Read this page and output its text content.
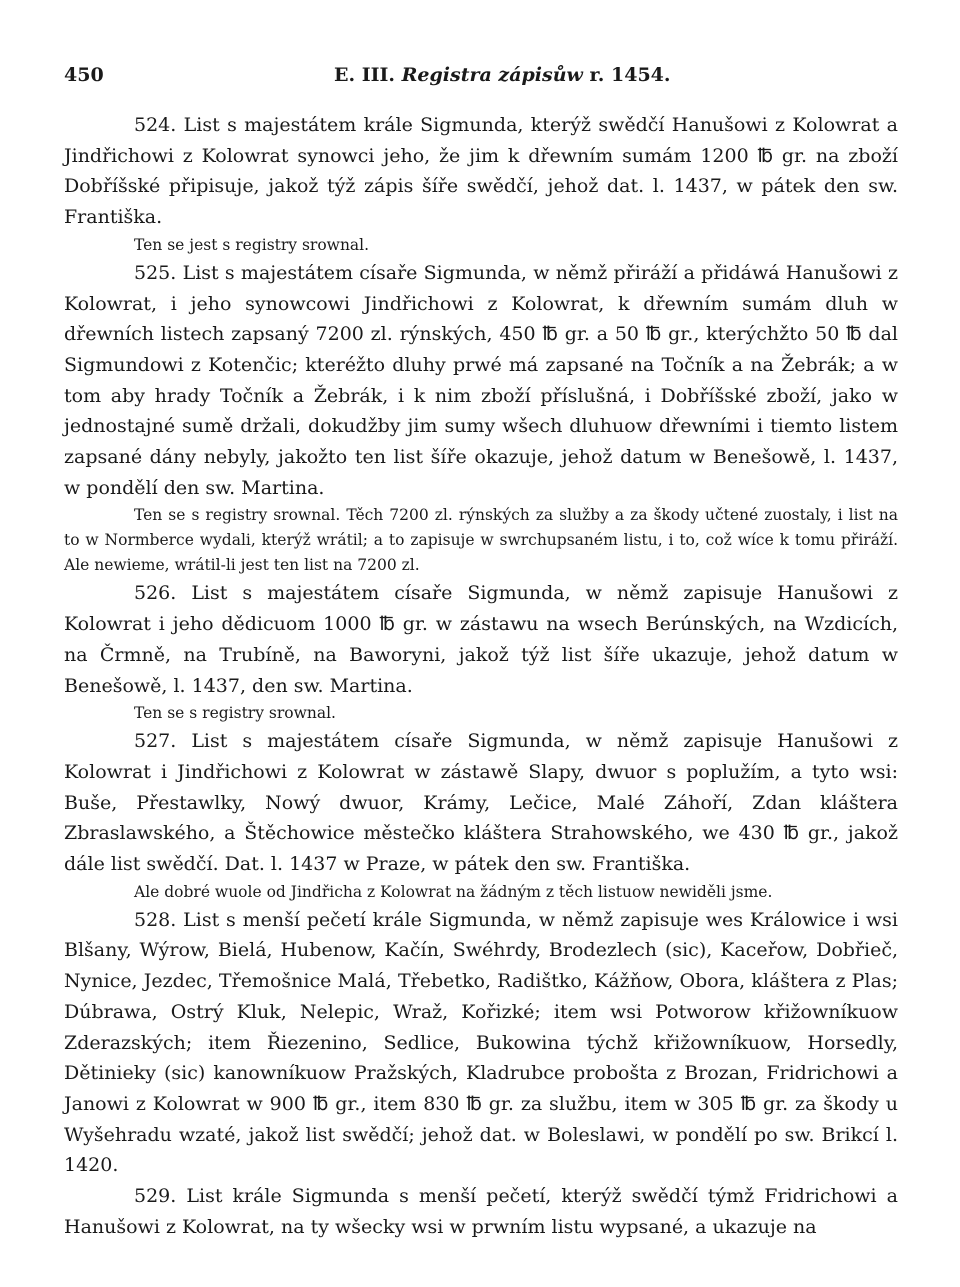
450	E. III. Registra zápisůw r. 1454.

524. List s majestátem krále Sigmunda, kterýž swědčí Hanušowi z Kolowrat a Jindřichowi z Kolowrat synowci jeho, že jim k dřewním sumám 1200 ℔ gr. na zboží Dobříšské připisuje, jakož týž zápis šíře swědčí, jehož dat. l. 1437, w pátek den sw. Františka.

Ten se jest s registry srownal.

525. List s majestátem císaře Sigmunda, w němž přiráží a přidáwá Hanušowi z Kolowrat, i jeho synowcowi Jindřichowi z Kolowrat, k dřewním sumám dluh w dřewních listech zapsaný 7200 zl. rýnských, 450 ℔ gr. a 50 ℔ gr., kterýchžto 50 ℔ dal Sigmundowi z Kotenčic; kteréžto dluhy prwé má zapsané na Točník a na Žebrák; a w tom aby hrady Točník a Žebrák, i k nim zboží příslušná, i Dobříšské zboží, jako w jednostajné sumě držali, dokudžby jim sumy wšech dluhuow dřewními i tiemto listem zapsané dány nebyly, jakožto ten list šíře okazuje, jehož datum w Benešowě, l. 1437, w pondělí den sw. Martina.

Ten se s registry srownal. Těch 7200 zl. rýnských za služby a za škody učtené zuostaly, i list na to w Normberce wydali, kterýž wrátil; a to zapisuje w swrchupsaném listu, i to, což wíce k tomu přiráží. Ale newieme, wrátil-li jest ten list na 7200 zl.

526. List s majestátem císaře Sigmunda, w němž zapisuje Hanušowi z Kolowrat i jeho dědicuom 1000 ℔ gr. w zástawu na wsech Berúnských, na Wzdicích, na Črmně, na Trubíně, na Baworyni, jakož týž list šíře ukazuje, jehož datum w Benešowě, l. 1437, den sw. Martina.

Ten se s registry srownal.

527. List s majestátem císaře Sigmunda, w němž zapisuje Hanušowi z Kolowrat i Jindřichowi z Kolowrat w zástawě Slapy, dwuor s poplužím, a tyto wsi: Buše, Přestawlky, Nowý dwuor, Krámy, Lečice, Malé Záhoří, Zdan kláštera Zbraslawského, a Štěchowice městečko kláštera Strahowského, we 430 ℔ gr., jakož dále list swědčí. Dat. l. 1437 w Praze, w pátek den sw. Františka.

Ale dobré wuole od Jindřicha z Kolowrat na žádným z těch listuow newiděli jsme.

528. List s menší pečetí krále Sigmunda, w němž zapisuje wes Králowice i wsi Blšany, Wýrow, Bielá, Hubenow, Kačín, Swéhrdy, Brodezlech (sic), Kaceřow, Dobřieč, Nynice, Jezdec, Třemošnice Malá, Třebetko, Radištko, Kážňow, Obora, kláštera z Plas; Dúbrawa, Ostrý Kluk, Nelepic, Wraž, Kořizké; item wsi Potworow křižowníkuow Zderazských; item Řiezenino, Sedlice, Bukowina týchž křižowníkuow, Horsedly, Dětinieky (sic) kanowníkuow Pražských, Kladrubce probošta z Brozan, Fridrichowi a Janowi z Kolowrat w 900 ℔ gr., item 830 ℔ gr. za službu, item w 305 ℔ gr. za škody u Wyšehradu wzaté, jakož list swědčí; jehož dat. w Boleslawi, w pondělí po sw. Brikcí l. 1420.

529. List krále Sigmunda s menší pečetí, kterýž swědčí týmž Fridrichowi a Hanušowi z Kolowrat, na ty wšecky wsi w prwním listu wypsané, a ukazuje na
